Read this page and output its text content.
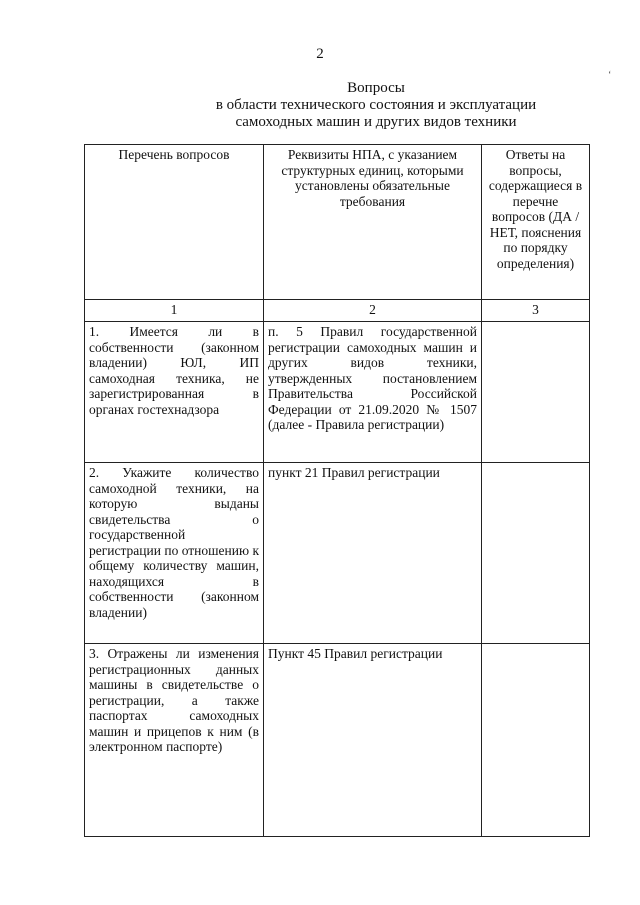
2
Вопросы
в области технического состояния и эксплуатации
самоходных машин и других видов техники
ʻ
Перечень вопросов	Реквизиты НПА, с указанием структурных единиц, которыми установлены обязательные требования	Ответы на вопросы, содержащиеся в перечне вопросов (ДА / НЕТ, пояснения по порядку определения)
1	2	3
1. Имеется ли в собственности (законном владении) ЮЛ, ИП самоходная техника, не зарегистрированная в органах гостехнадзора	п. 5 Правил государственной регистрации самоходных машин и других видов техники, утвержденных постановлением Правительства Российской Федерации от 21.09.2020 № 1507 (далее - Правила регистрации)	
2. Укажите количество самоходной техники, на которую выданы свидетельства о государственной регистрации по отношению к общему количеству машин, находящихся в собственности (законном владении)	пункт 21 Правил регистрации	
3. Отражены ли изменения регистрационных данных машины в свидетельстве о регистрации, а также паспортах самоходных машин и прицепов к ним (в электронном паспорте)	Пункт 45 Правил регистрации	
